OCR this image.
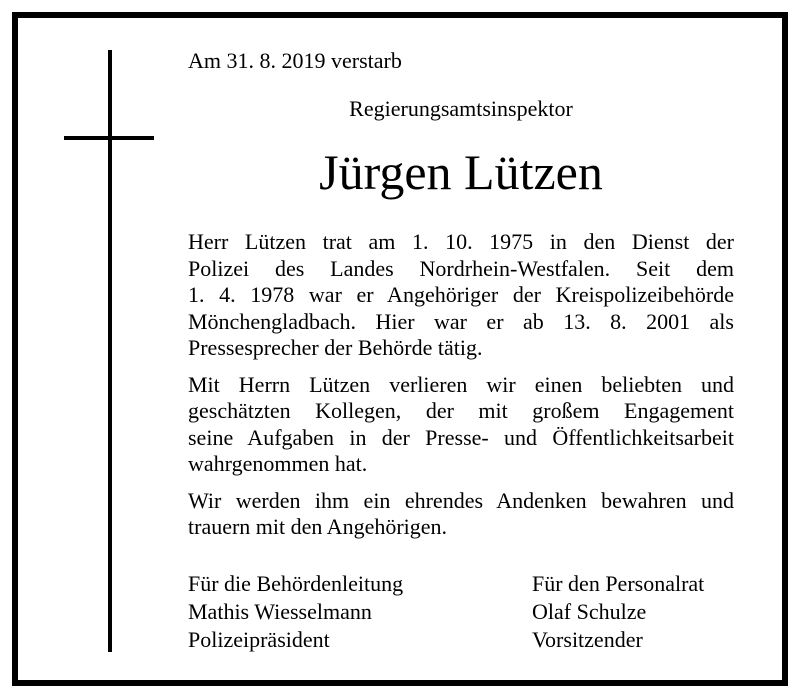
Am 31. 8. 2019 verstarb
Regierungsamtsinspektor
Jürgen Lützen

Herr Lützen trat am 1. 10. 1975 in den Dienst der
Polizei des Landes Nordrhein-Westfalen. Seit dem
1. 4. 1978 war er Angehöriger der Kreispolizeibehörde
Mönchengladbach. Hier war er ab 13. 8. 2001 als
Pressesprecher der Behörde tätig.

Mit Herrn Lützen verlieren wir einen beliebten und
geschätzten Kollegen, der mit großem Engagement
seine Aufgaben in der Presse- und Öffentlichkeitsarbeit
wahrgenommen hat.

Wir werden ihm ein ehrendes Andenken bewahren und
trauern mit den Angehörigen.

Für die Behördenleitung
Mathis Wiesselmann
Polizeipräsident
Für den Personalrat
Olaf Schulze
Vorsitzender
